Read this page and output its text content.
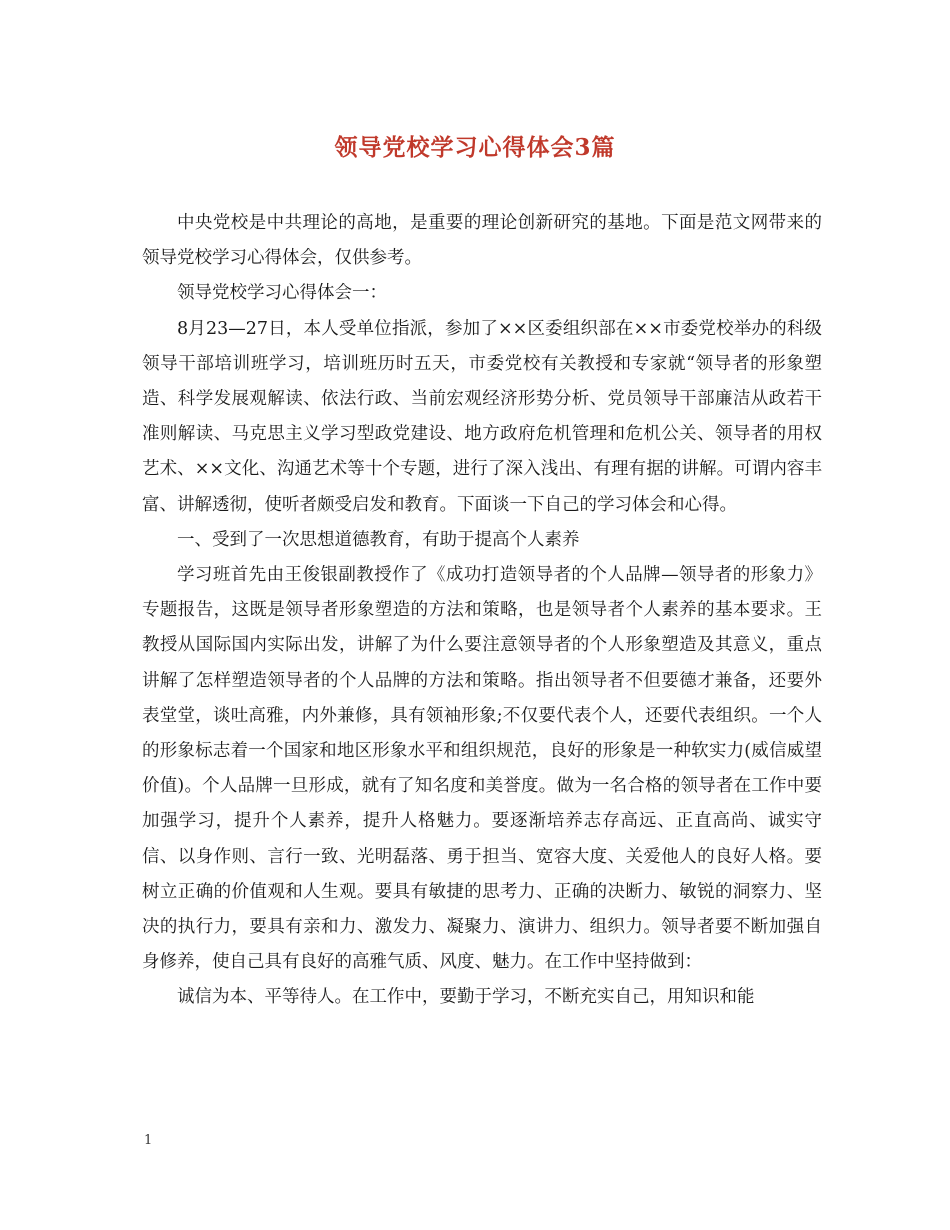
领导党校学习心得体会3篇

中央党校是中共理论的高地，是重要的理论创新研究的基地。下面是范文网带来的领导党校学习心得体会，仅供参考。

领导党校学习心得体会一：

8月23—27日，本人受单位指派，参加了××区委组织部在××市委党校举办的科级领导干部培训班学习，培训班历时五天，市委党校有关教授和专家就“领导者的形象塑造、科学发展观解读、依法行政、当前宏观经济形势分析、党员领导干部廉洁从政若干准则解读、马克思主义学习型政党建设、地方政府危机管理和危机公关、领导者的用权艺术、××文化、沟通艺术等十个专题，进行了深入浅出、有理有据的讲解。可谓内容丰富、讲解透彻，使听者颇受启发和教育。下面谈一下自己的学习体会和心得。

一、受到了一次思想道德教育，有助于提高个人素养

学习班首先由王俊银副教授作了《成功打造领导者的个人品牌—领导者的形象力》专题报告，这既是领导者形象塑造的方法和策略，也是领导者个人素养的基本要求。王教授从国际国内实际出发，讲解了为什么要注意领导者的个人形象塑造及其意义，重点讲解了怎样塑造领导者的个人品牌的方法和策略。指出领导者不但要德才兼备，还要外表堂堂，谈吐高雅，内外兼修，具有领袖形象;不仅要代表个人，还要代表组织。一个人的形象标志着一个国家和地区形象水平和组织规范，良好的形象是一种软实力(威信威望价值)。个人品牌一旦形成，就有了知名度和美誉度。做为一名合格的领导者在工作中要加强学习，提升个人素养，提升人格魅力。要逐渐培养志存高远、正直高尚、诚实守信、以身作则、言行一致、光明磊落、勇于担当、宽容大度、关爱他人的良好人格。要树立正确的价值观和人生观。要具有敏捷的思考力、正确的决断力、敏锐的洞察力、坚决的执行力，要具有亲和力、激发力、凝聚力、演讲力、组织力。领导者要不断加强自身修养，使自己具有良好的高雅气质、风度、魅力。在工作中坚持做到：

诚信为本、平等待人。在工作中，要勤于学习，不断充实自己，用知识和能

1
